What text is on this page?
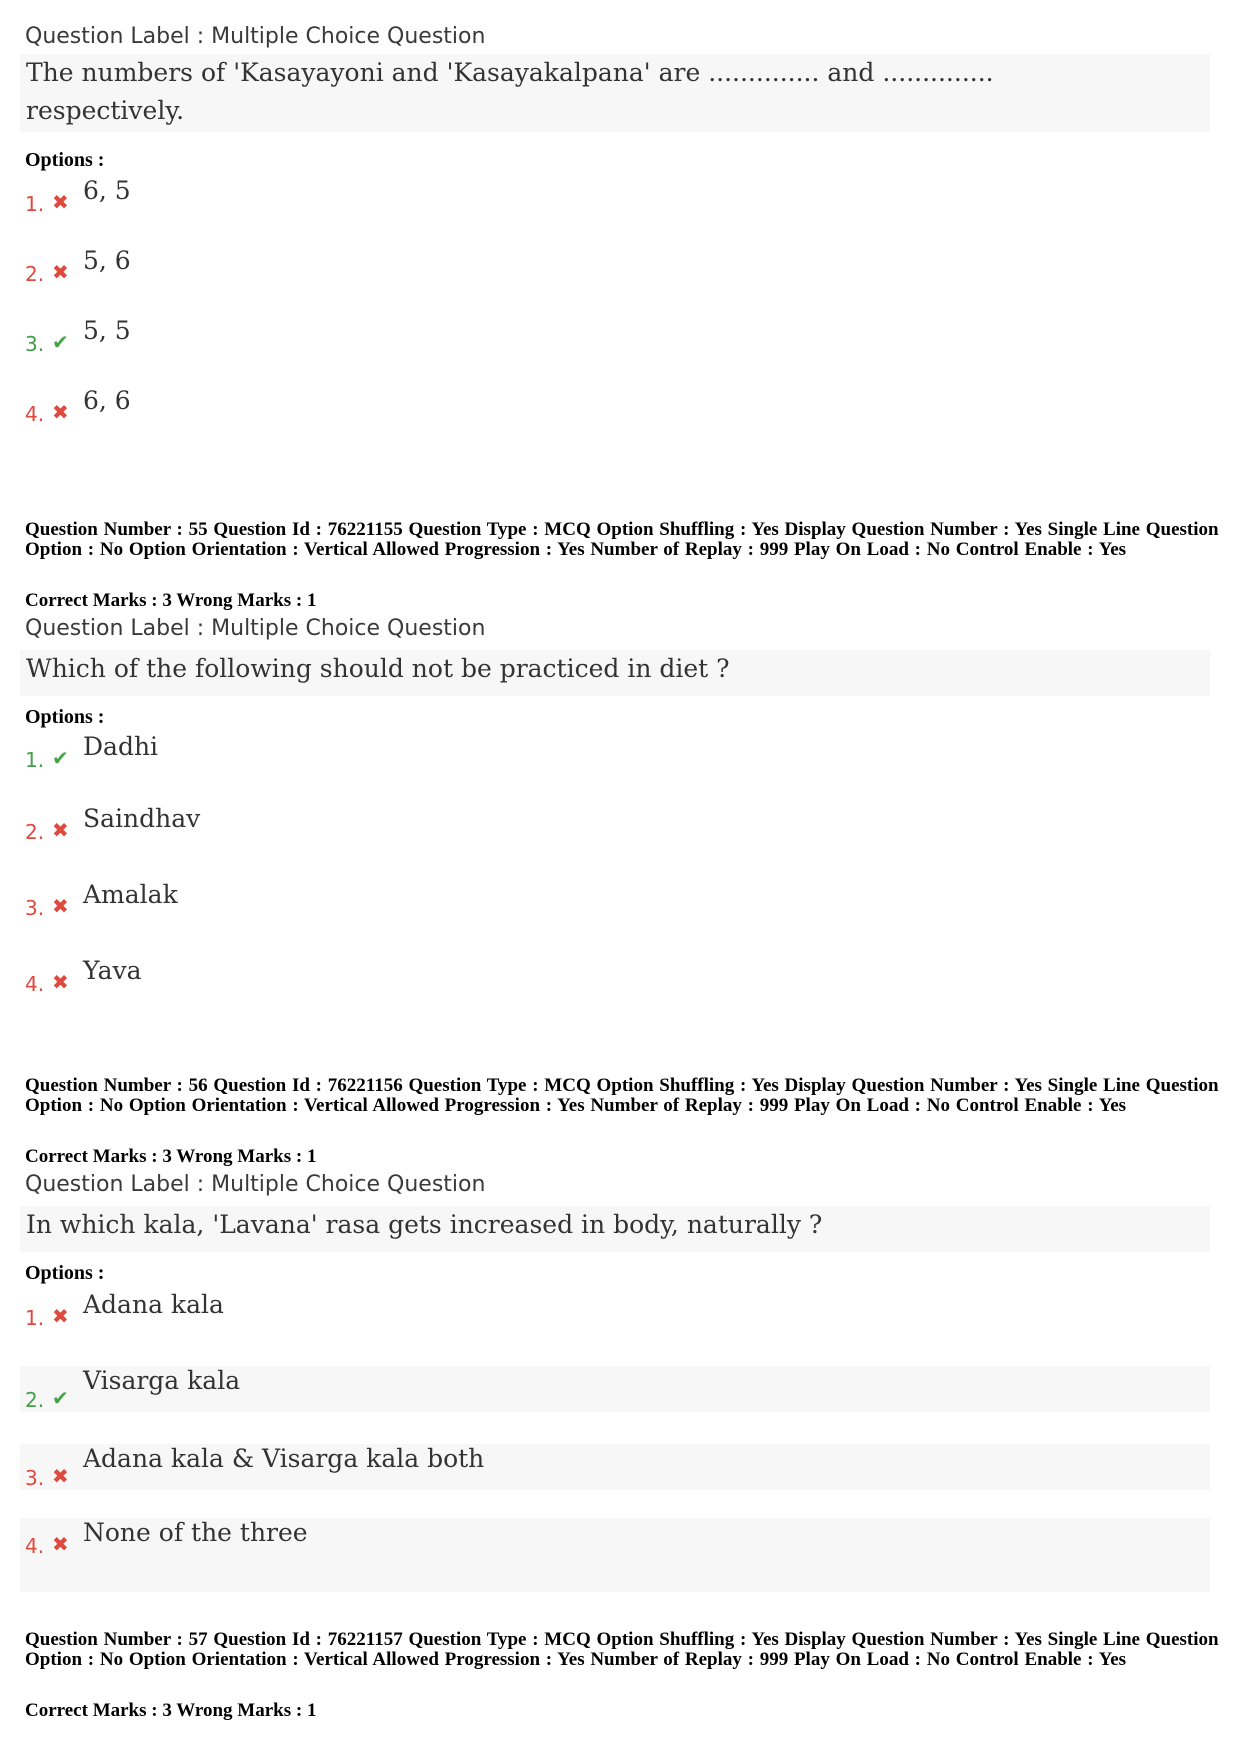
Question Label : Multiple Choice Question
The numbers of 'Kasayayoni and 'Kasayakalpana' are .............. and ..............
respectively.
Options :
1. ✖ 6, 5
2. ✖ 5, 6
3. ✔ 5, 5
4. ✖ 6, 6
Question Number : 55 Question Id : 76221155 Question Type : MCQ Option Shuffling : Yes Display Question Number : Yes Single Line Question Option : No Option Orientation : Vertical Allowed Progression : Yes Number of Replay : 999 Play On Load : No Control Enable : Yes
Correct Marks : 3 Wrong Marks : 1
Question Label : Multiple Choice Question
Which of the following should not be practiced in diet ?
Options :
1. ✔ Dadhi
2. ✖ Saindhav
3. ✖ Amalak
4. ✖ Yava
Question Number : 56 Question Id : 76221156 Question Type : MCQ Option Shuffling : Yes Display Question Number : Yes Single Line Question Option : No Option Orientation : Vertical Allowed Progression : Yes Number of Replay : 999 Play On Load : No Control Enable : Yes
Correct Marks : 3 Wrong Marks : 1
Question Label : Multiple Choice Question
In which kala, 'Lavana' rasa gets increased in body, naturally ?
Options :
1. ✖ Adana kala
2. ✔
Visarga kala
3. ✖
Adana kala & Visarga kala both
4. ✖ None of the three
Question Number : 57 Question Id : 76221157 Question Type : MCQ Option Shuffling : Yes Display Question Number : Yes Single Line Question Option : No Option Orientation : Vertical Allowed Progression : Yes Number of Replay : 999 Play On Load : No Control Enable : Yes
Correct Marks : 3 Wrong Marks : 1
